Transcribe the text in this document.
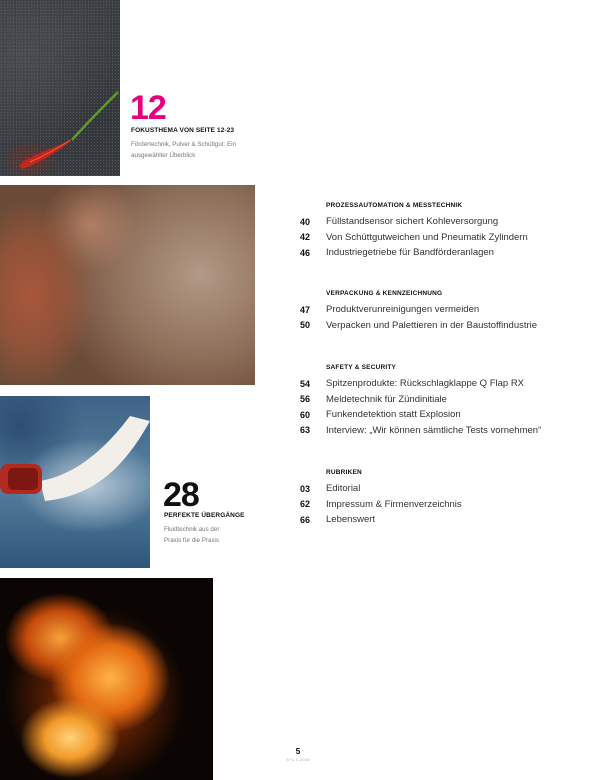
12
FOKUSTHEMA VON SEITE 12-23
Fördertechnik, Pulver & Schüttgut: Ein
ausgewählter Überblick
28
PERFEKTE ÜBERGÄNGE
Fluidtechnik aus der
Praxis für die Praxis
PROZESSAUTOMATION & MESSTECHNIK
40	Füllstandsensor sichert Kohleversorgung
42	Von Schüttgutweichen und Pneumatik Zylindern
46	Industriegetriebe für Bandförderanlagen
VERPACKUNG & KENNZEICHNUNG
47	Produktverunreinigungen vermeiden
50	Verpacken und Palettieren in der Baustoffindustrie
SAFETY & SECURITY
54	Spitzenprodukte: Rückschlagklappe Q Flap RX
56	Meldetechnik für Zündinitiale
60	Funkendetektion statt Explosion
63	Interview: „Wir können sämtliche Tests vornehmen“
RUBRIKEN
03	Editorial
62	Impressum & Firmenverzeichnis
66	Lebenswert
5
S+L 1-2018
